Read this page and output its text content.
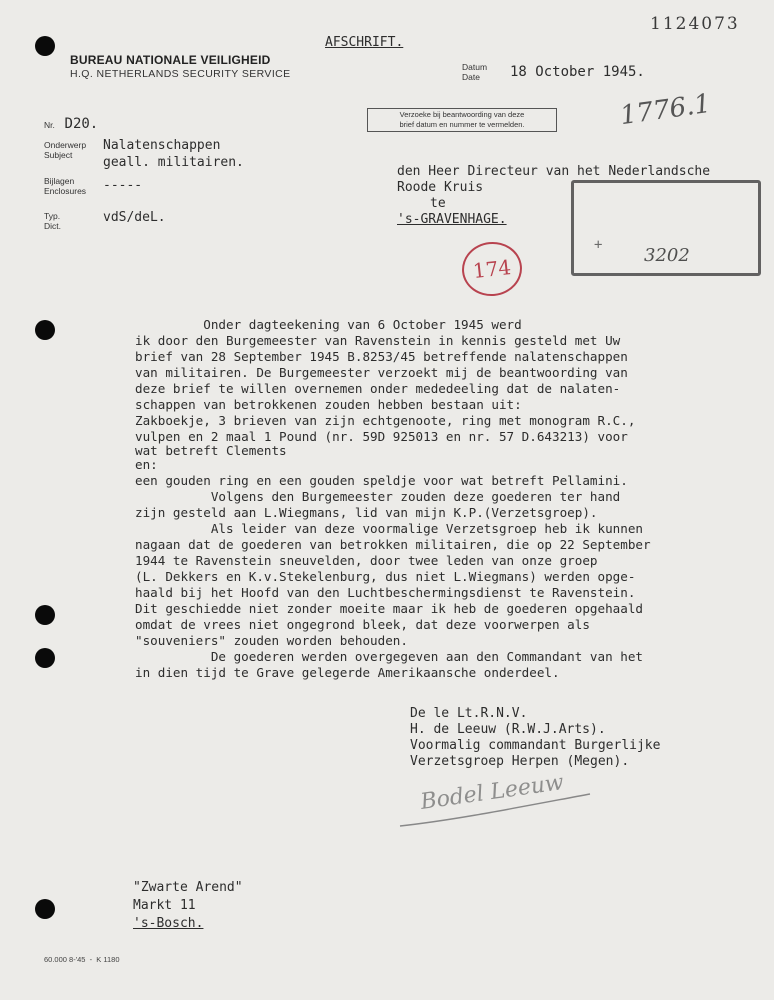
BUREAU NATIONALE VEILIGHEID
H.Q. NETHERLANDS SECURITY SERVICE
AFSCHRIFT.
1124073
Datum
Date	18 October 1945.
Nr. D20.
Verzoeke bij beantwoording van deze
brief datum en nummer te vermelden.	1776.1
Onderwerp
Subject
Nalatenschappen
geall. militairen.
Bijlagen
Enclosures -----
Typ.
Dict.
vdS/deL.
den Heer Directeur van het Nederlandsche
Roode Kruis
te
's-GRAVENHAGE.
+ 3202
174
Onder dagteekening van 6 October 1945 werd
ik door den Burgemeester van Ravenstein in kennis gesteld met Uw
brief van 28 September 1945 B.8253/45 betreffende nalatenschappen
van militairen. De Burgemeester verzoekt mij de beantwoording van
deze brief te willen overnemen onder mededeeling dat de nalaten-
schappen van betrokkenen zouden hebben bestaan uit:
Zakboekje, 3 brieven van zijn echtgenoote, ring met monogram R.C.,
vulpen en 2 maal 1 Pound (nr. 59D 925013 en nr. 57 D.643213) voor
wat betreft Clements
en:
een gouden ring en een gouden speldje voor wat betreft Pellamini.
Volgens den Burgemeester zouden deze goederen ter hand
zijn gesteld aan L.Wiegmans, lid van mijn K.P.(Verzetsgroep).
Als leider van deze voormalige Verzetsgroep heb ik kunnen
nagaan dat de goederen van betrokken militairen, die op 22 September
1944 te Ravenstein sneuvelden, door twee leden van onze groep
(L. Dekkers en K.v.Stekelenburg, dus niet L.Wiegmans) werden opge-
haald bij het Hoofd van den Luchtbeschermingsdienst te Ravenstein.
Dit geschiedde niet zonder moeite maar ik heb de goederen opgehaald
omdat de vrees niet ongegrond bleek, dat deze voorwerpen als
"souveniers" zouden worden behouden.
De goederen werden overgegeven aan den Commandant van het
in dien tijd te Grave gelegerde Amerikaansche onderdeel.
De le Lt.R.N.V.
H. de Leeuw (R.W.J.Arts).
Voormalig commandant Burgerlijke
Verzetsgroep Herpen (Megen).
Bodel Leeuw
"Zwarte Arend"
Markt 11
's-Bosch.
60.000 8-'45  -  K 1180
